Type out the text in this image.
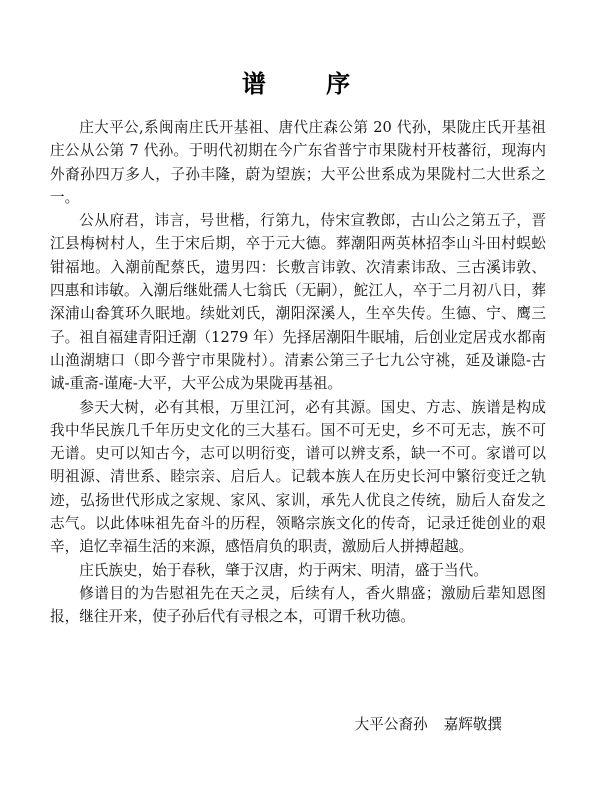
谱 序

庄大平公,系闽南庄氏开基祖、唐代庄森公第 20 代孙，果陇庄氏开基祖庄公从公第 7 代孙。于明代初期在今广东省普宁市果陇村开枝蕃衍，现海内外裔孙四万多人，子孙丰隆，蔚为望族；大平公世系成为果陇村二大世系之一。

公从府君，讳言，号世楷，行第九，侍宋宣教郎，古山公之第五子，晋江县梅树村人，生于宋后期，卒于元大德。葬潮阳两英林招李山斗田村蜈蚣钳福地。入潮前配蔡氏，遗男四：长敷言讳敦、次清素讳敌、三古溪讳敦、四惠和讳敏。入潮后继妣孺人七翁氏（无嗣），鮀江人，卒于二月初八日，葬深浦山畚箕环久眠地。续妣刘氏，潮阳深溪人，生卒失传。生德、宁、鹰三子。祖自福建青阳迁潮（1279 年）先择居潮阳牛眠埔，后创业定居戎水都南山渔湖塘口（即今普宁市果陇村）。清素公第三子七九公守祧，延及谦隐-古诚-重斋-谨庵-大平，大平公成为果陇再基祖。

参天大树，必有其根，万里江河，必有其源。国史、方志、族谱是构成我中华民族几千年历史文化的三大基石。国不可无史，乡不可无志，族不可无谱。史可以知古今，志可以明衍变，谱可以辨支系，缺一不可。家谱可以明祖源、清世系、睦宗亲、启后人。记载本族人在历史长河中繁衍变迁之轨迹，弘扬世代形成之家规、家风、家训，承先人优良之传统，励后人奋发之志气。以此体味祖先奋斗的历程，领略宗族文化的传奇，记录迁徙创业的艰辛，追忆幸福生活的来源，感悟肩负的职责，激励后人拼搏超越。

庄氏族史，始于春秋，肇于汉唐，灼于两宋、明清，盛于当代。

修谱目的为告慰祖先在天之灵，后续有人，香火鼎盛；激励后辈知恩图报，继往开来，使子孙后代有寻根之本，可谓千秋功德。

大平公裔孙 嘉辉敬撰
